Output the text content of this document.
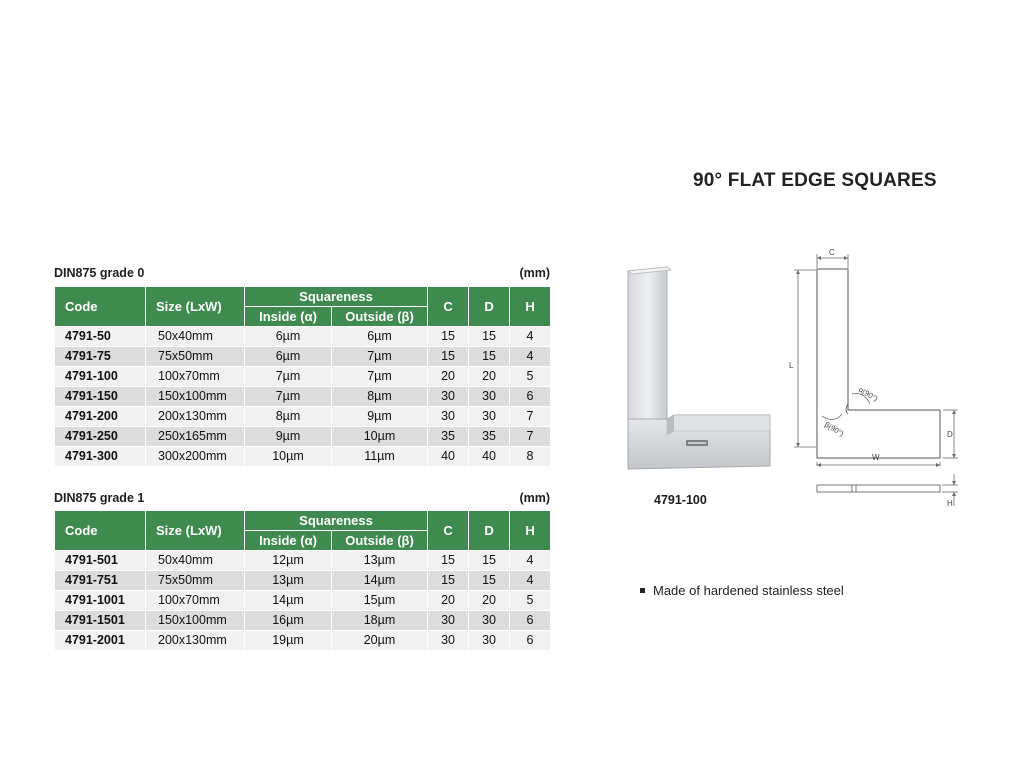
90° FLAT EDGE SQUARES
DIN875 grade 0	(mm)
Code	Size (LxW)	Squareness		C	D	H
		Inside (α)	Outside (β)			
4791-50	50x40mm	6µm	6µm	15	15	4
4791-75	75x50mm	6µm	7µm	15	15	4
4791-100	100x70mm	7µm	7µm	20	20	5
4791-150	150x100mm	7µm	8µm	30	30	6
4791-200	200x130mm	8µm	9µm	30	30	7
4791-250	250x165mm	9µm	10µm	35	35	7
4791-300	300x200mm	10µm	11µm	40	40	8
DIN875 grade 1	(mm)
Code	Size (LxW)	Squareness		C	D	H
		Inside (α)	Outside (β)			
4791-501	50x40mm	12µm	13µm	15	15	4
4791-751	75x50mm	13µm	14µm	15	15	4
4791-1001	100x70mm	14µm	15µm	20	20	5
4791-1501	150x100mm	16µm	18µm	30	30	6
4791-2001	200x130mm	19µm	20µm	30	30	6
4791-100
C
L
D
W
α(90°)
β(90°)
H
Made of hardened stainless steel
